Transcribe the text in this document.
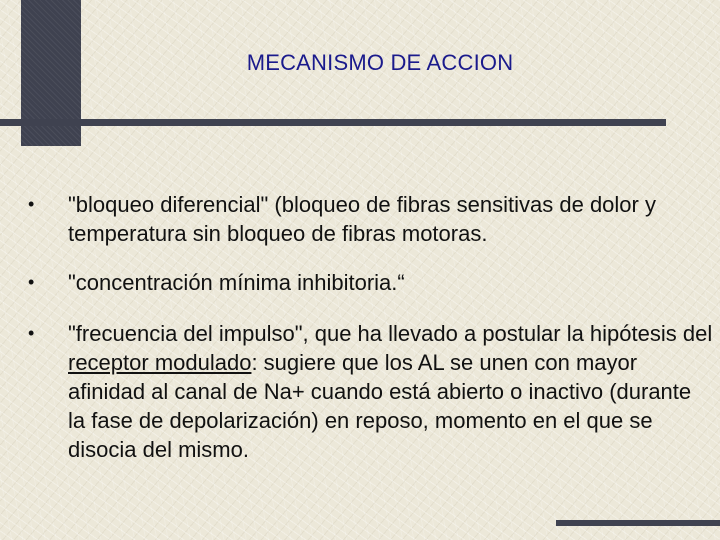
MECANISMO DE ACCION
•	"bloqueo diferencial" (bloqueo de fibras sensitivas de dolor y temperatura sin bloqueo de fibras motoras.
•	"concentración mínima inhibitoria.“
•	"frecuencia del impulso", que ha llevado a postular la hipótesis del receptor modulado: sugiere que los AL se unen con mayor afinidad al canal de Na+ cuando está abierto o inactivo (durante la fase de depolarización) en reposo, momento en el que se disocia del mismo.
